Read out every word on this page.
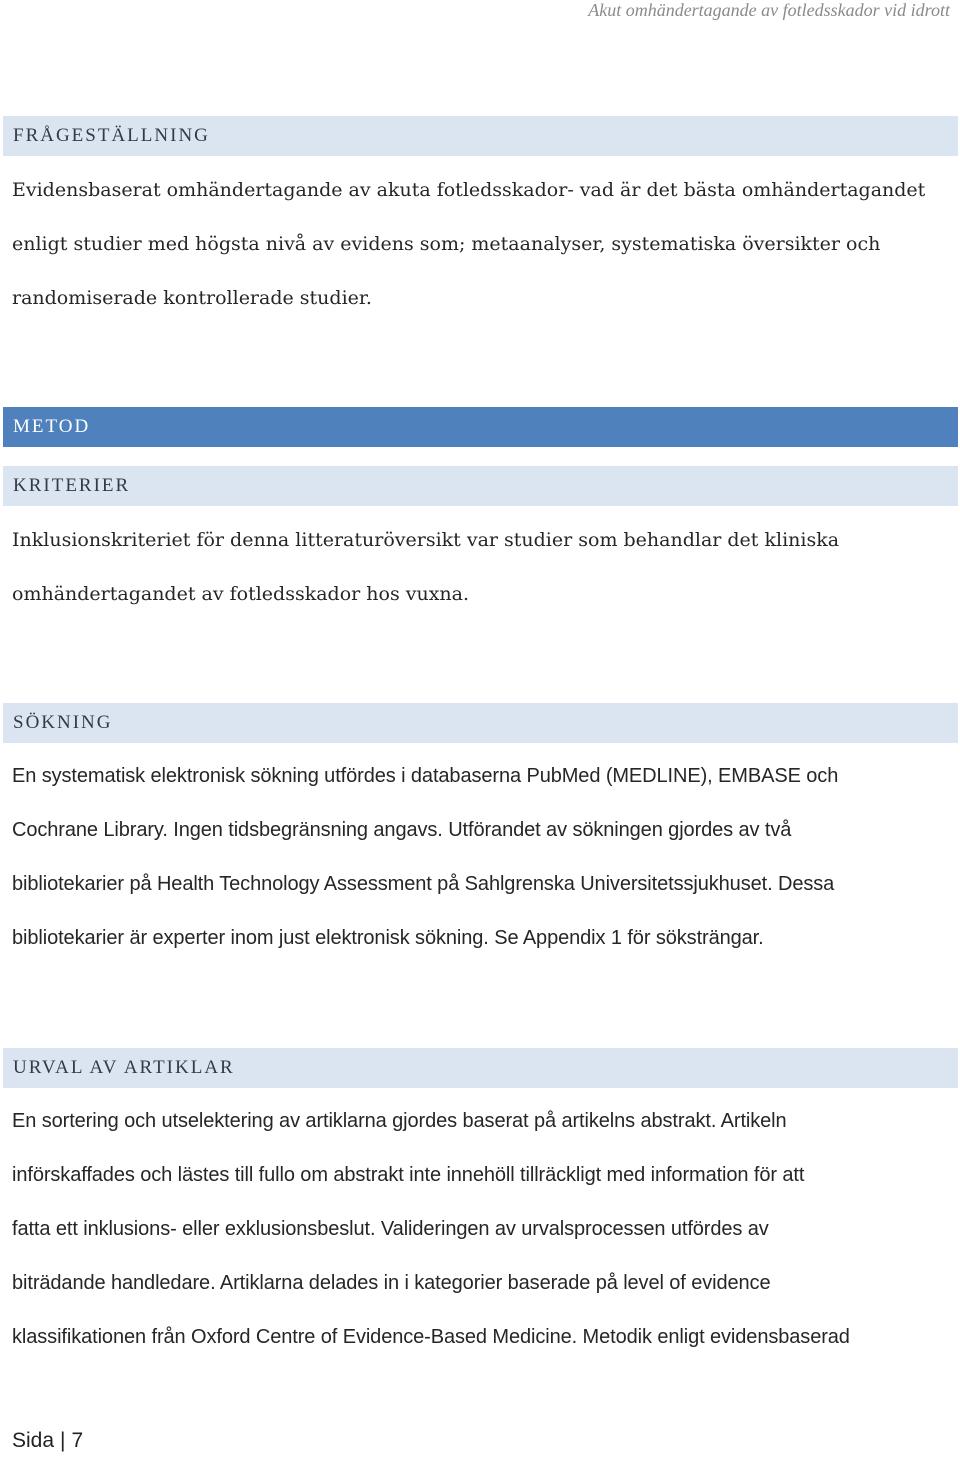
Akut omhändertagande av fotledsskador vid idrott
FRÅGESTÄLLNING

Evidensbaserat omhändertagande av akuta fotledsskador- vad är det bästa omhändertagandet
enligt studier med högsta nivå av evidens som; metaanalyser, systematiska översikter och
randomiserade kontrollerade studier.

METOD
KRITERIER

Inklusionskriteriet för denna litteraturöversikt var studier som behandlar det kliniska
omhändertagandet av fotledsskador hos vuxna.

SÖKNING

En systematisk elektronisk sökning utfördes i databaserna PubMed (MEDLINE), EMBASE och
Cochrane Library. Ingen tidsbegränsning angavs. Utförandet av sökningen gjordes av två
bibliotekarier på Health Technology Assessment på Sahlgrenska Universitetssjukhuset. Dessa
bibliotekarier är experter inom just elektronisk sökning. Se Appendix 1 för söksträngar.

URVAL AV ARTIKLAR

En sortering och utselektering av artiklarna gjordes baserat på artikelns abstrakt. Artikeln
införskaffades och lästes till fullo om abstrakt inte innehöll tillräckligt med information för att
fatta ett inklusions- eller exklusionsbeslut. Valideringen av urvalsprocessen utfördes av
biträdande handledare. Artiklarna delades in i kategorier baserade på level of evidence
klassifikationen från Oxford Centre of Evidence-Based Medicine. Metodik enligt evidensbaserad

Sida | 7
